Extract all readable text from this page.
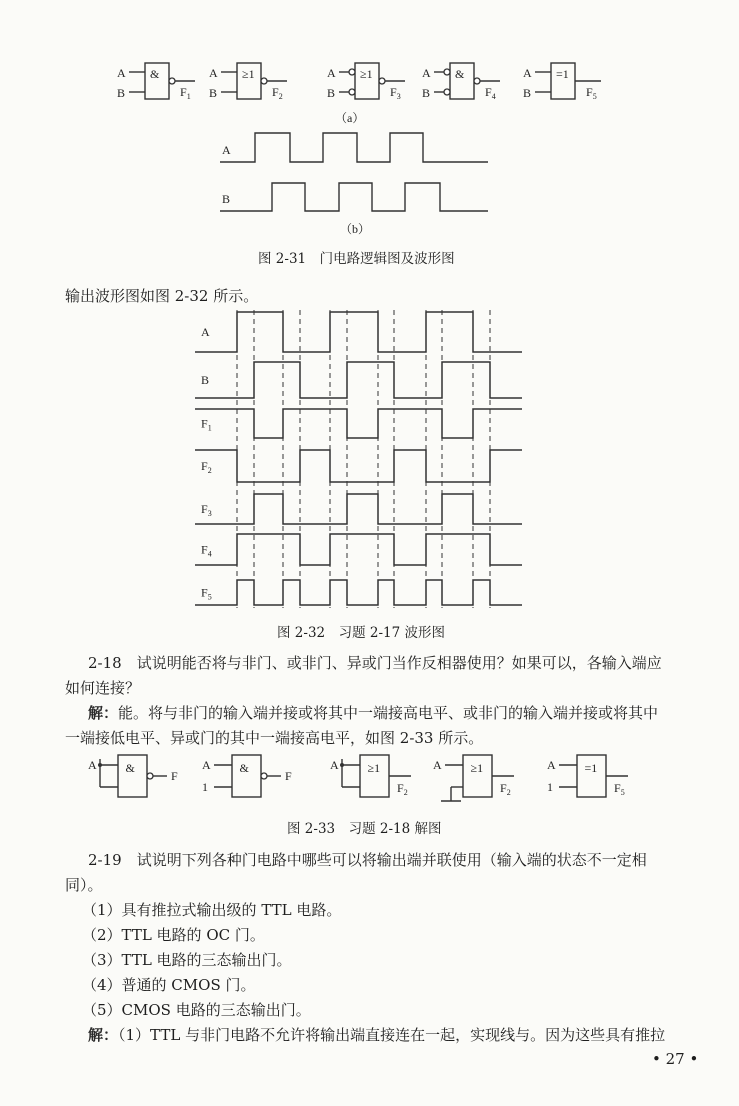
&
A
B	$F_1$
≥1
A
B	$F_2$
≥1
A
B	$F_3$
&
A
B	$F_4$
=1
A
B	$F_5$
（a）
A
B
（b）
图 2-31　门电路逻辑图及波形图
输出波形图如图 2-32 所示。
A
B
$F_1$
$F_2$
$F_3$
$F_4$
$F_5$
图 2-32　习题 2-17 波形图
2-18　试说明能否将与非门、或非门、异或门当作反相器使用？如果可以，各输入端应
如何连接？
解：能。将与非门的输入端并接或将其中一端接高电平、或非门的输入端并接或将其中
一端接低电平、异或门的其中一端接高电平，如图 2-33 所示。
&
A
F
&
A
1
F
≥1
A
$F_2$
≥1
A
$F_2$
=1
A
1	$F_5$
图 2-33　习题 2-18 解图
2-19　试说明下列各种门电路中哪些可以将输出端并联使用（输入端的状态不一定相
同）。
（1）具有推拉式输出级的 TTL 电路。
（2）TTL 电路的 OC 门。
（3）TTL 电路的三态输出门。
（4）普通的 CMOS 门。
（5）CMOS 电路的三态输出门。
解：（1）TTL 与非门电路不允许将输出端直接连在一起，实现线与。因为这些具有推拉
• 27 •
